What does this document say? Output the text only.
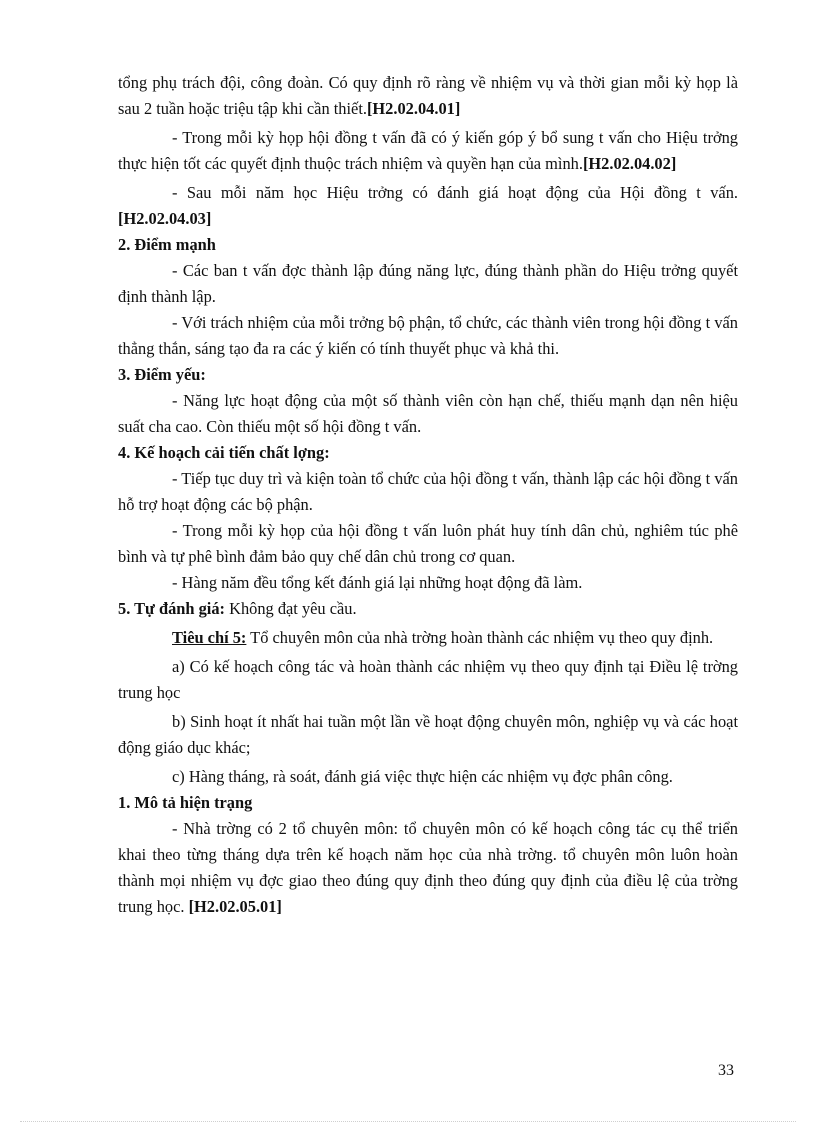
tổng phụ trách đội, công đoàn. Có quy định rõ ràng về nhiệm vụ và thời gian mỗi kỳ họp là sau 2 tuần hoặc triệu tập khi cần thiết.[H2.02.04.01]

- Trong mỗi kỳ họp hội đồng t vấn đã có ý kiến góp ý bổ sung t vấn cho Hiệu trởng thực hiện tốt các quyết định thuộc trách nhiệm và quyền hạn của mình.[H2.02.04.02]

- Sau mỗi năm học Hiệu trởng có đánh giá hoạt động của Hội đồng t vấn.[H2.02.04.03]

2. Điểm mạnh

- Các ban t vấn đợc thành lập đúng năng lực, đúng thành phần do Hiệu trởng quyết định thành lập.

- Với trách nhiệm của mỗi trởng bộ phận, tổ chức, các thành viên trong hội đồng t vấn thẳng thắn, sáng tạo đa ra các ý kiến có tính thuyết phục và khả thi.

3. Điểm yếu:

- Năng lực hoạt động của một số thành viên còn hạn chế, thiếu mạnh dạn nên hiệu suất cha cao. Còn thiếu một số hội đồng t vấn.

4. Kế hoạch cải tiến chất lợng:

- Tiếp tục duy trì và kiện toàn tổ chức của hội đồng t vấn, thành lập các hội đồng t vấn hỗ trợ hoạt động các bộ phận.

- Trong mỗi kỳ họp của hội đồng t vấn luôn phát huy tính dân chủ, nghiêm túc phê bình và tự phê bình đảm bảo quy chế dân chủ trong cơ quan.

- Hàng năm đều tổng kết đánh giá lại những hoạt động đã làm.

5. Tự đánh giá: Không đạt yêu cầu.

Tiêu chí 5: Tổ chuyên môn của nhà trờng hoàn thành các nhiệm vụ theo quy định.

a) Có kế hoạch công tác và hoàn thành các nhiệm vụ theo quy định tại Điều lệ trờng trung học

b) Sinh hoạt ít nhất hai tuần một lần về hoạt động chuyên môn, nghiệp vụ và các hoạt động giáo dục khác;

c) Hàng tháng, rà soát, đánh giá việc thực hiện các nhiệm vụ đợc phân công.

1. Mô tả hiện trạng

- Nhà trờng có 2 tổ chuyên môn: tổ chuyên môn có kế hoạch công tác cụ thể triển khai theo từng tháng dựa trên kế hoạch năm học của nhà trờng. tổ chuyên môn luôn hoàn thành mọi nhiệm vụ đợc giao theo đúng quy định theo đúng quy định của điều lệ của trờng trung học. [H2.02.05.01]

33
